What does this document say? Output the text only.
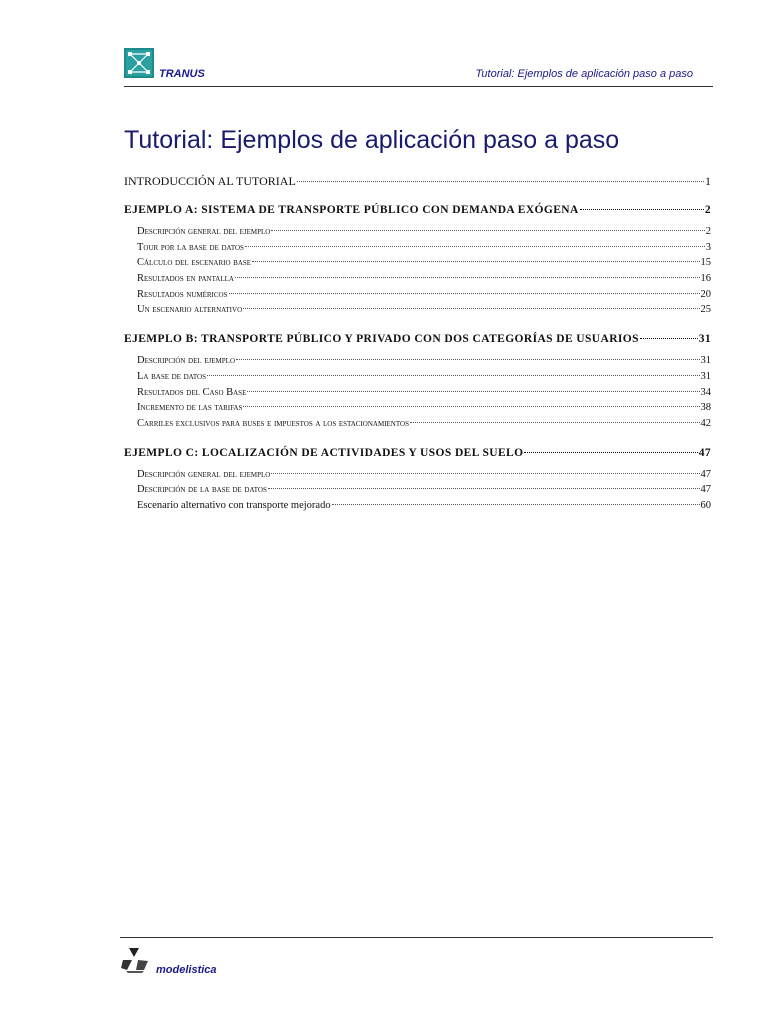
TRANUS	Tutorial: Ejemplos de aplicación paso a paso
Tutorial: Ejemplos de aplicación paso a paso
INTRODUCCIÓN AL TUTORIAL	1
EJEMPLO A: SISTEMA DE TRANSPORTE PÚBLICO CON DEMANDA EXÓGENA	2
Descripción general del ejemplo	2
Tour por la base de datos	3
Cálculo del escenario base	15
Resultados en pantalla	16
Resultados numéricos	20
Un escenario alternativo	25
EJEMPLO B: TRANSPORTE PÚBLICO Y PRIVADO CON DOS CATEGORÍAS DE USUARIOS	31
Descripción del ejemplo	31
La base de datos	31
Resultados del Caso Base	34
Incremento de las tarifas	38
Carriles exclusivos para buses e impuestos a los estacionamientos	42
EJEMPLO C: LOCALIZACIÓN DE ACTIVIDADES Y USOS DEL SUELO	47
Descripción general del ejemplo	47
Descripción de la base de datos	47
Escenario alternativo con transporte mejorado	60
modelistica
